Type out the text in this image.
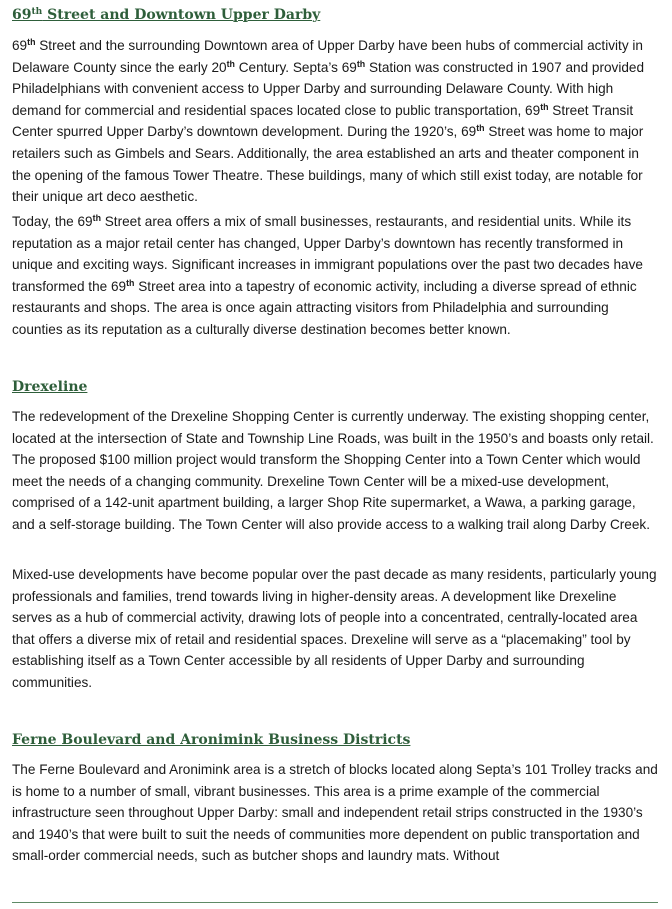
69th Street and Downtown Upper Darby

69th Street and the surrounding Downtown area of Upper Darby have been hubs of commercial activity in Delaware County since the early 20th Century. Septa’s 69th Station was constructed in 1907 and provided Philadelphians with convenient access to Upper Darby and surrounding Delaware County. With high demand for commercial and residential spaces located close to public transportation, 69th Street Transit Center spurred Upper Darby’s downtown development. During the 1920’s, 69th Street was home to major retailers such as Gimbels and Sears. Additionally, the area established an arts and theater component in the opening of the famous Tower Theatre. These buildings, many of which still exist today, are notable for their unique art deco aesthetic.

Today, the 69th Street area offers a mix of small businesses, restaurants, and residential units. While its reputation as a major retail center has changed, Upper Darby’s downtown has recently transformed in unique and exciting ways. Significant increases in immigrant populations over the past two decades have transformed the 69th Street area into a tapestry of economic activity, including a diverse spread of ethnic restaurants and shops. The area is once again attracting visitors from Philadelphia and surrounding counties as its reputation as a culturally diverse destination becomes better known.

Drexeline

The redevelopment of the Drexeline Shopping Center is currently underway. The existing shopping center, located at the intersection of State and Township Line Roads, was built in the 1950’s and boasts only retail. The proposed $100 million project would transform the Shopping Center into a Town Center which would meet the needs of a changing community. Drexeline Town Center will be a mixed-use development, comprised of a 142-unit apartment building, a larger Shop Rite supermarket, a Wawa, a parking garage, and a self-storage building. The Town Center will also provide access to a walking trail along Darby Creek.

Mixed-use developments have become popular over the past decade as many residents, particularly young professionals and families, trend towards living in higher-density areas. A development like Drexeline serves as a hub of commercial activity, drawing lots of people into a concentrated, centrally-located area that offers a diverse mix of retail and residential spaces. Drexeline will serve as a “placemaking” tool by establishing itself as a Town Center accessible by all residents of Upper Darby and surrounding communities.

Ferne Boulevard and Aronimink Business Districts

The Ferne Boulevard and Aronimink area is a stretch of blocks located along Septa’s 101 Trolley tracks and is home to a number of small, vibrant businesses. This area is a prime example of the commercial infrastructure seen throughout Upper Darby: small and independent retail strips constructed in the 1930’s and 1940’s that were built to suit the needs of communities more dependent on public transportation and small-order commercial needs, such as butcher shops and laundry mats. Without
